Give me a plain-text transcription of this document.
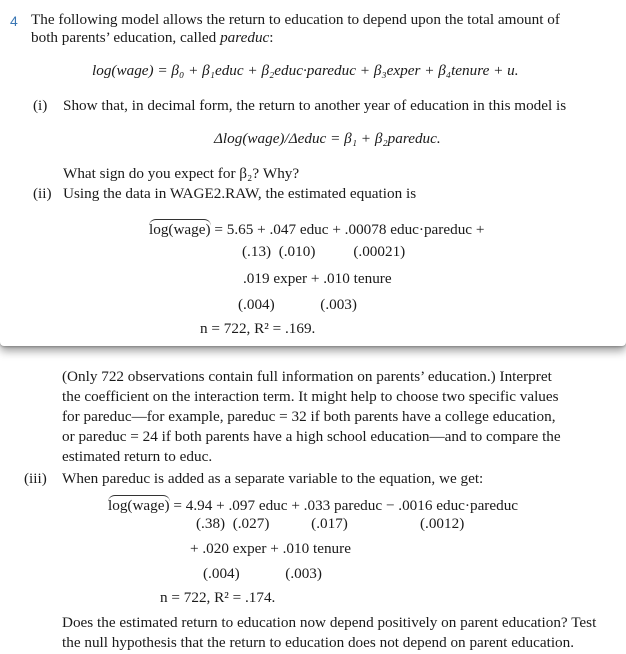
4 The following model allows the return to education to depend upon the total amount of
both parents’ education, called pareduc:
log(wage) = β₀ + β₁educ + β₂educ·pareduc + β₃exper + β₄tenure + u.
(i) Show that, in decimal form, the return to another year of education in this model is
Δlog(wage)/Δeduc = β₁ + β₂pareduc.
What sign do you expect for β₂? Why?
(ii) Using the data in WAGE2.RAW, the estimated equation is
log(wage) = 5.65 + .047 educ + .00078 educ·pareduc +
(.13)  (.010)          (.00021)
.019 exper + .010 tenure
(.004)            (.003)
n = 722, R² = .169.
(Only 722 observations contain full information on parents’ education.) Interpret
the coefficient on the interaction term. It might help to choose two specific values
for pareduc—for example, pareduc = 32 if both parents have a college education,
or pareduc = 24 if both parents have a high school education—and to compare the
estimated return to educ.
(iii) When pareduc is added as a separate variable to the equation, we get:
log(wage) = 4.94 + .097 educ + .033 pareduc − .0016 educ·pareduc
(.38)  (.027)           (.017)                   (.0012)
+ .020 exper + .010 tenure
(.004)            (.003)
n = 722, R² = .174.
Does the estimated return to education now depend positively on parent education? Test
the null hypothesis that the return to education does not depend on parent education.
